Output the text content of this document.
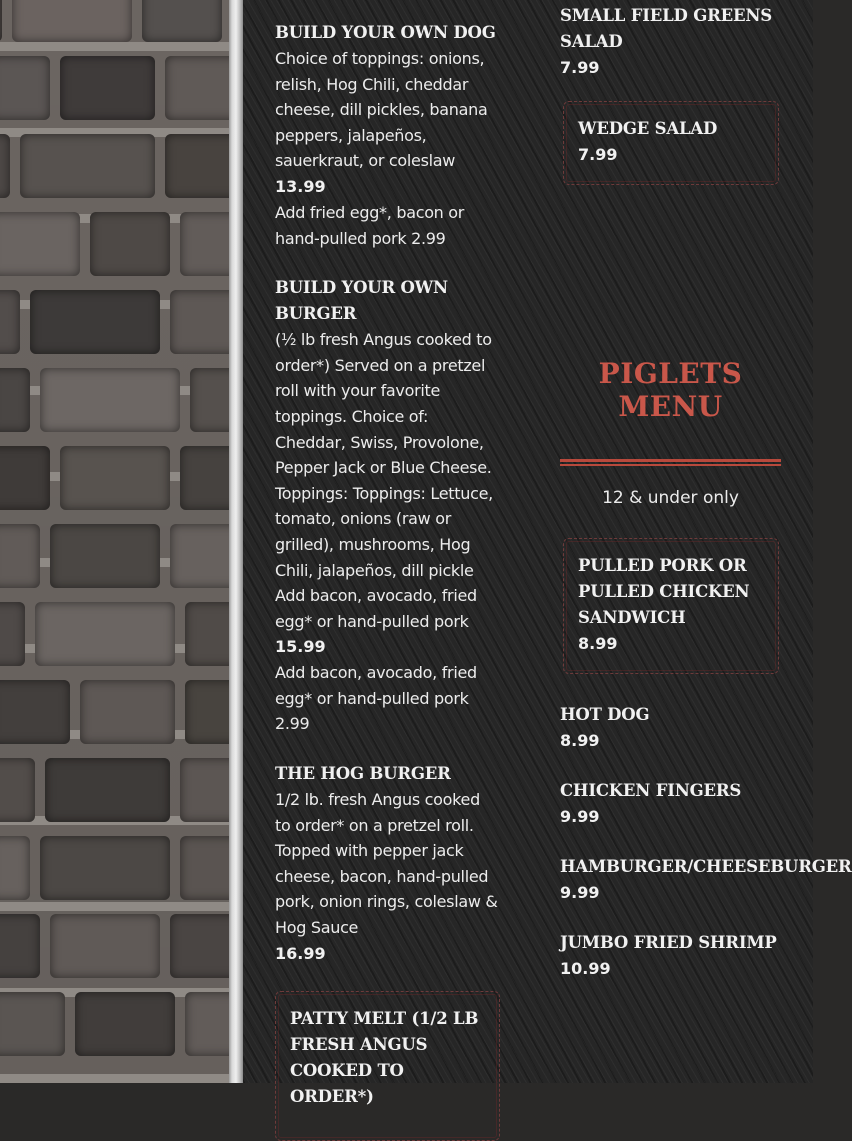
BUILD YOUR OWN DOG

Choice of toppings: onions, relish, Hog Chili, cheddar cheese, dill pickles, banana peppers, jalapeños, sauerkraut, or coleslaw

13.99

Add fried egg*, bacon or hand-pulled pork 2.99

BUILD YOUR OWN BURGER

(½ lb fresh Angus cooked to order*) Served on a pretzel roll with your favorite toppings. Choice of: Cheddar, Swiss, Provolone, Pepper Jack or Blue Cheese. Toppings: Toppings: Lettuce, tomato, onions (raw or grilled), mushrooms, Hog Chili, jalapeños, dill pickle Add bacon, avocado, fried egg* or hand-pulled pork

15.99

Add bacon, avocado, fried egg* or hand-pulled pork 2.99

THE HOG BURGER

1/2 lb. fresh Angus cooked to order* on a pretzel roll. Topped with pepper jack cheese, bacon, hand-pulled pork, onion rings, coleslaw & Hog Sauce

16.99

PATTY MELT (1/2 LB FRESH ANGUS COOKED TO ORDER*)

SMALL FIELD GREENS SALAD

7.99

WEDGE SALAD

7.99

PIGLETS MENU

12 & under only

PULLED PORK OR PULLED CHICKEN SANDWICH

8.99

HOT DOG

8.99

CHICKEN FINGERS

9.99

HAMBURGER/CHEESEBURGER

9.99

JUMBO FRIED SHRIMP

10.99
